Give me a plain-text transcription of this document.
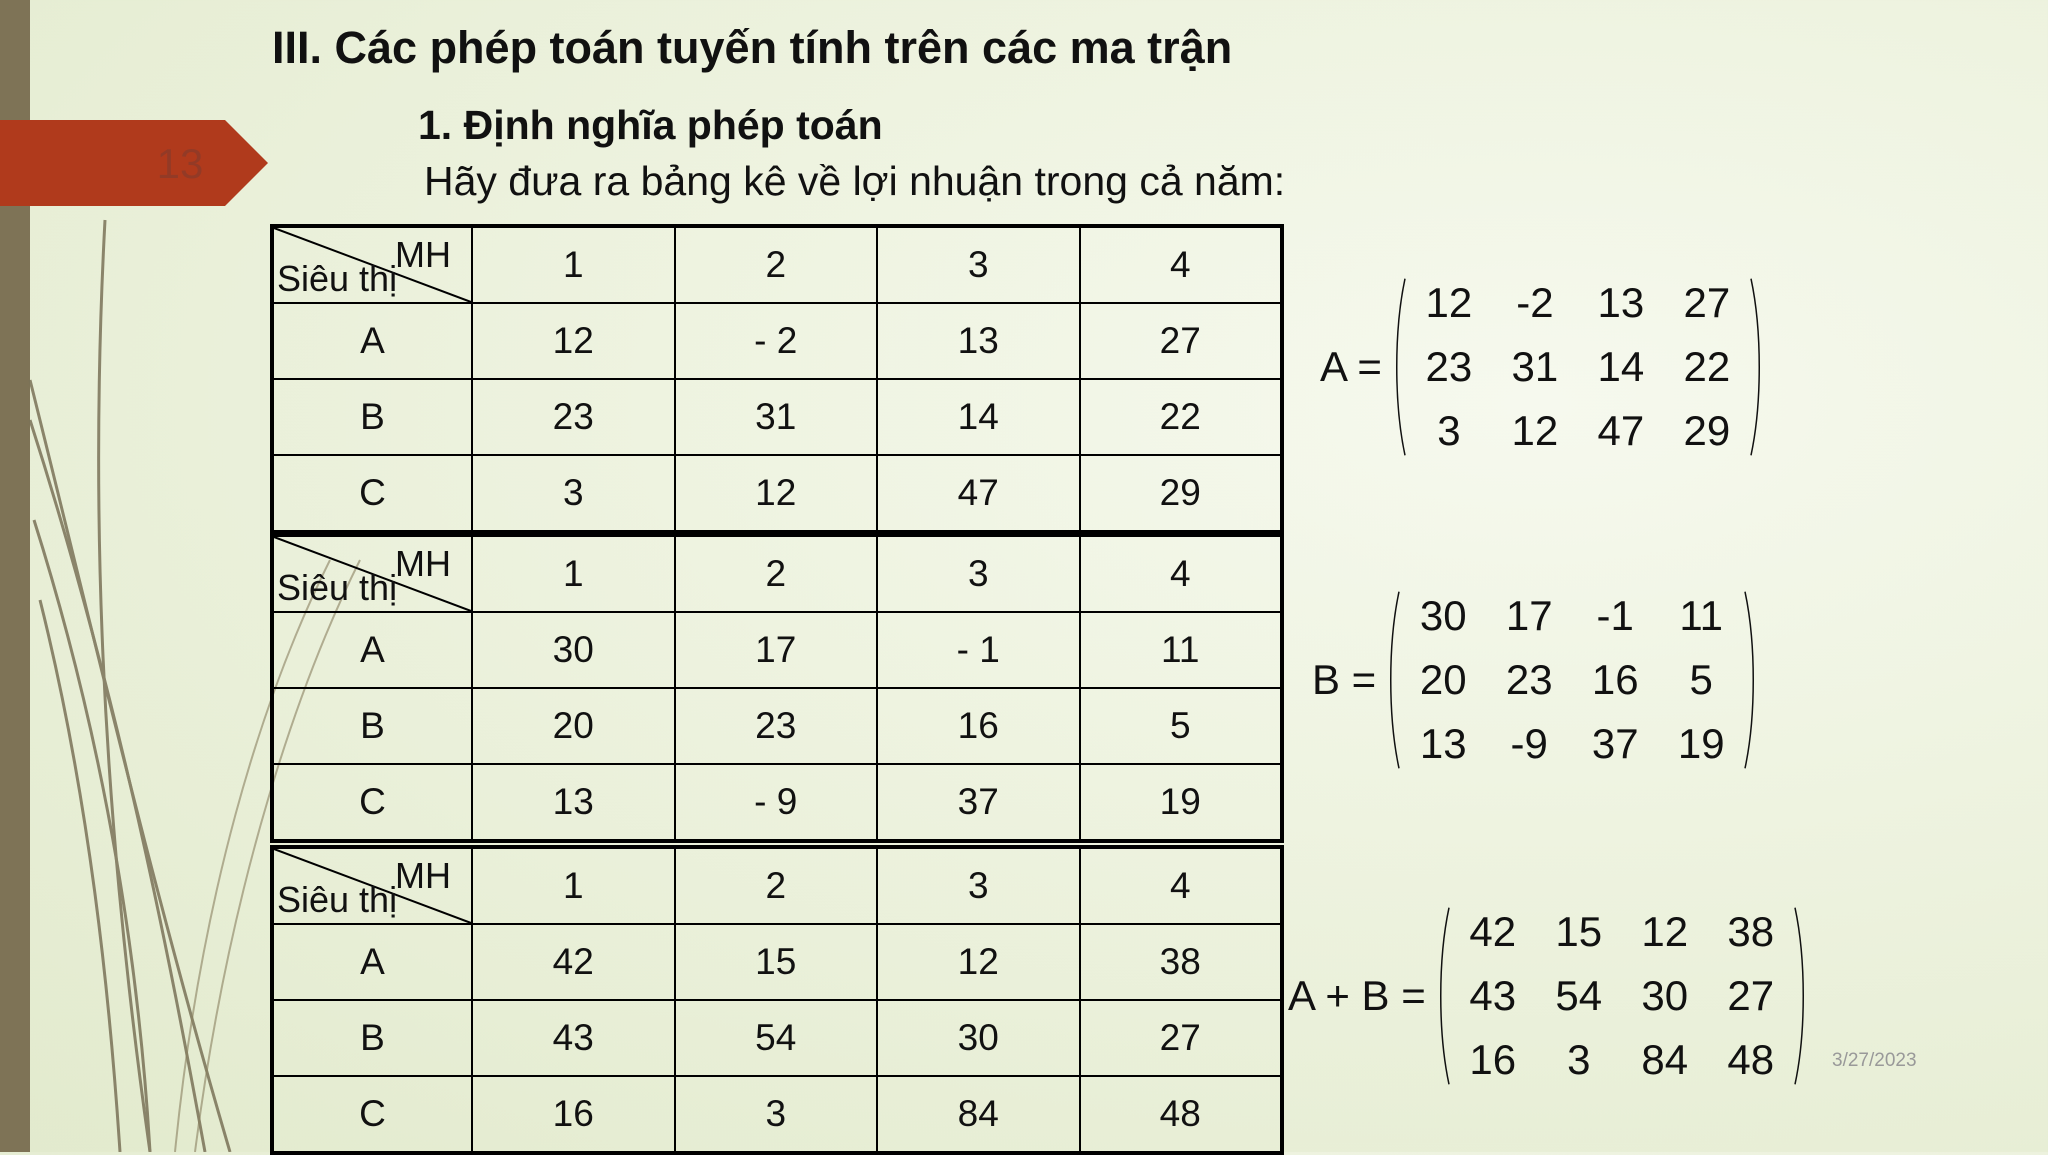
13
III. Các phép toán tuyến tính trên các ma trận
1. Định nghĩa phép toán
Hãy đưa ra bảng kê về lợi nhuận trong cả năm:
MH
Siêu thị	1	2	3	4
A	12	- 2	13	27
B	23	31	14	22
C	3	12	47	29
MH
Siêu thị	1	2	3	4
A	30	17	- 1	11
B	20	23	16	5
C	13	- 9	37	19
MH
Siêu thị	1	2	3	4
A	42	15	12	38
B	43	54	30	27
C	16	3	84	48
A =
12	-2	13 27
23 31 14 22
3	12 47 29
B =
30 17	-1	11
20 23 16	5
13	-9	37 19
A + B =
42 15 12 38
43 54 30 27
16	3	84 48	3/27/2023
